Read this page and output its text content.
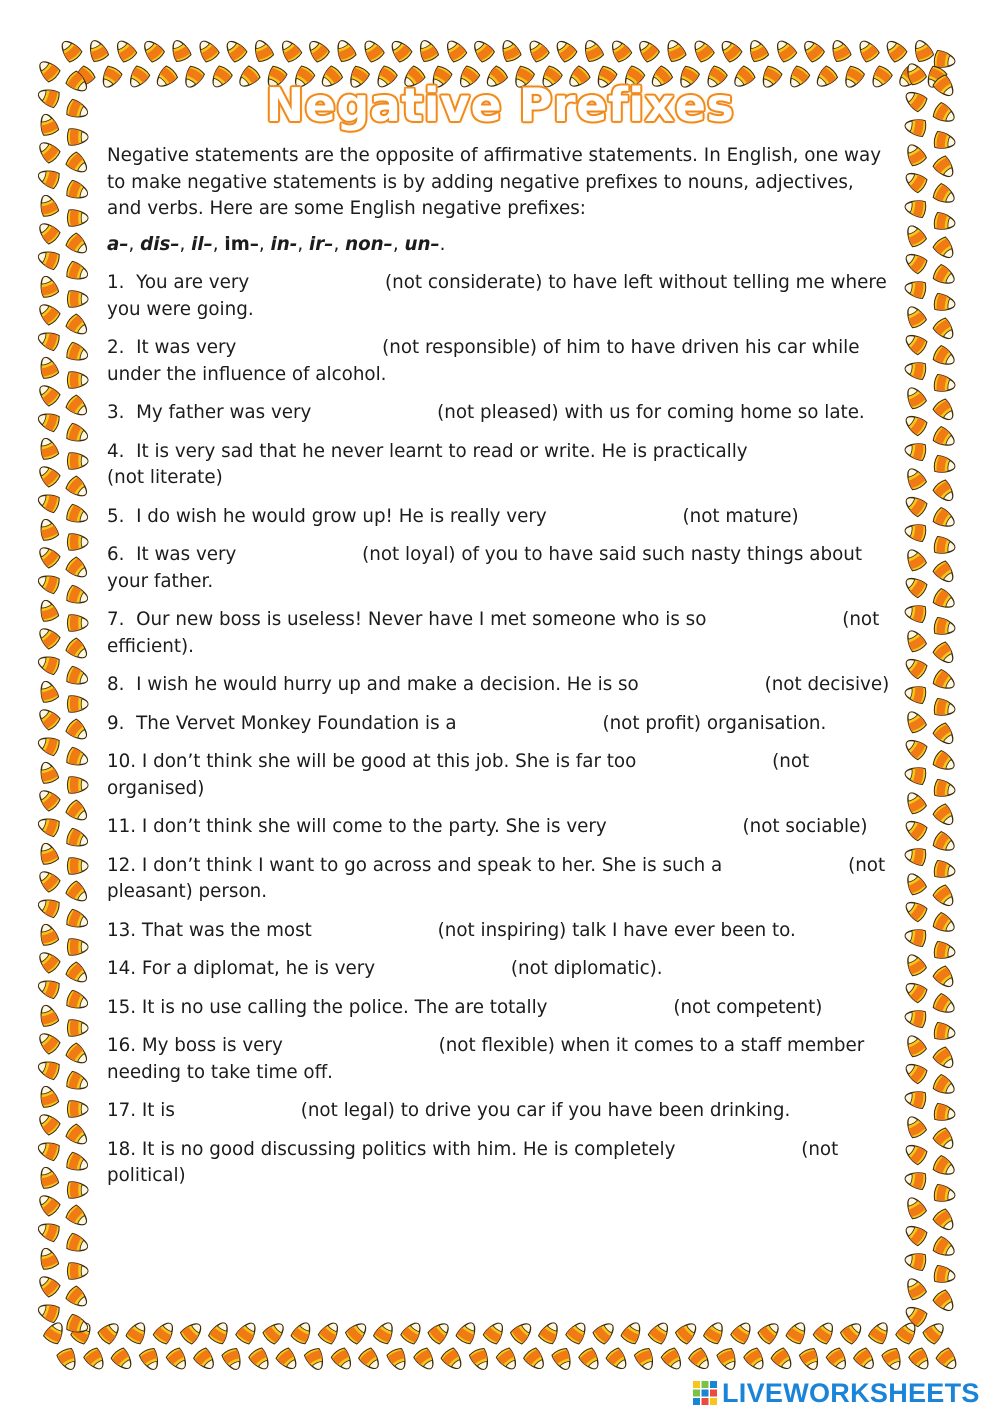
Negative Prefixes

Negative statements are the opposite of affirmative statements. In English, one way to make negative statements is by adding negative prefixes to nouns, adjectives, and verbs. Here are some English negative prefixes:

a–, dis–, il–, im–, in-, ir–, non–, un–.

1. You are very	(not considerate) to have left without telling me where you were going.

2. It was very	(not responsible) of him to have driven his car while under the influence of alcohol.

3. My father was very	(not pleased) with us for coming home so late.

4. It is very sad that he never learnt to read or write. He is practically (not literate)

5. I do wish he would grow up! He is really very	(not mature)

6. It was very	(not loyal) of you to have said such nasty things about your father.

7. Our new boss is useless! Never have I met someone who is so	(not efficient).

8. I wish he would hurry up and make a decision. He is so	(not decisive)

9. The Vervet Monkey Foundation is a	(not profit) organisation.

10. I don’t think she will be good at this job. She is far too	(not organised)

11. I don’t think she will come to the party. She is very	(not sociable)

12. I don’t think I want to go across and speak to her. She is such a	(not pleasant) person.

13. That was the most	(not inspiring) talk I have ever been to.

14. For a diplomat, he is very	(not diplomatic).

15. It is no use calling the police. The are totally	(not competent)

16. My boss is very	(not flexible) when it comes to a staff member needing to take time off.

17. It is	(not legal) to drive you car if you have been drinking.

18. It is no good discussing politics with him. He is completely	(not political)

LIVEWORKSHEETS
